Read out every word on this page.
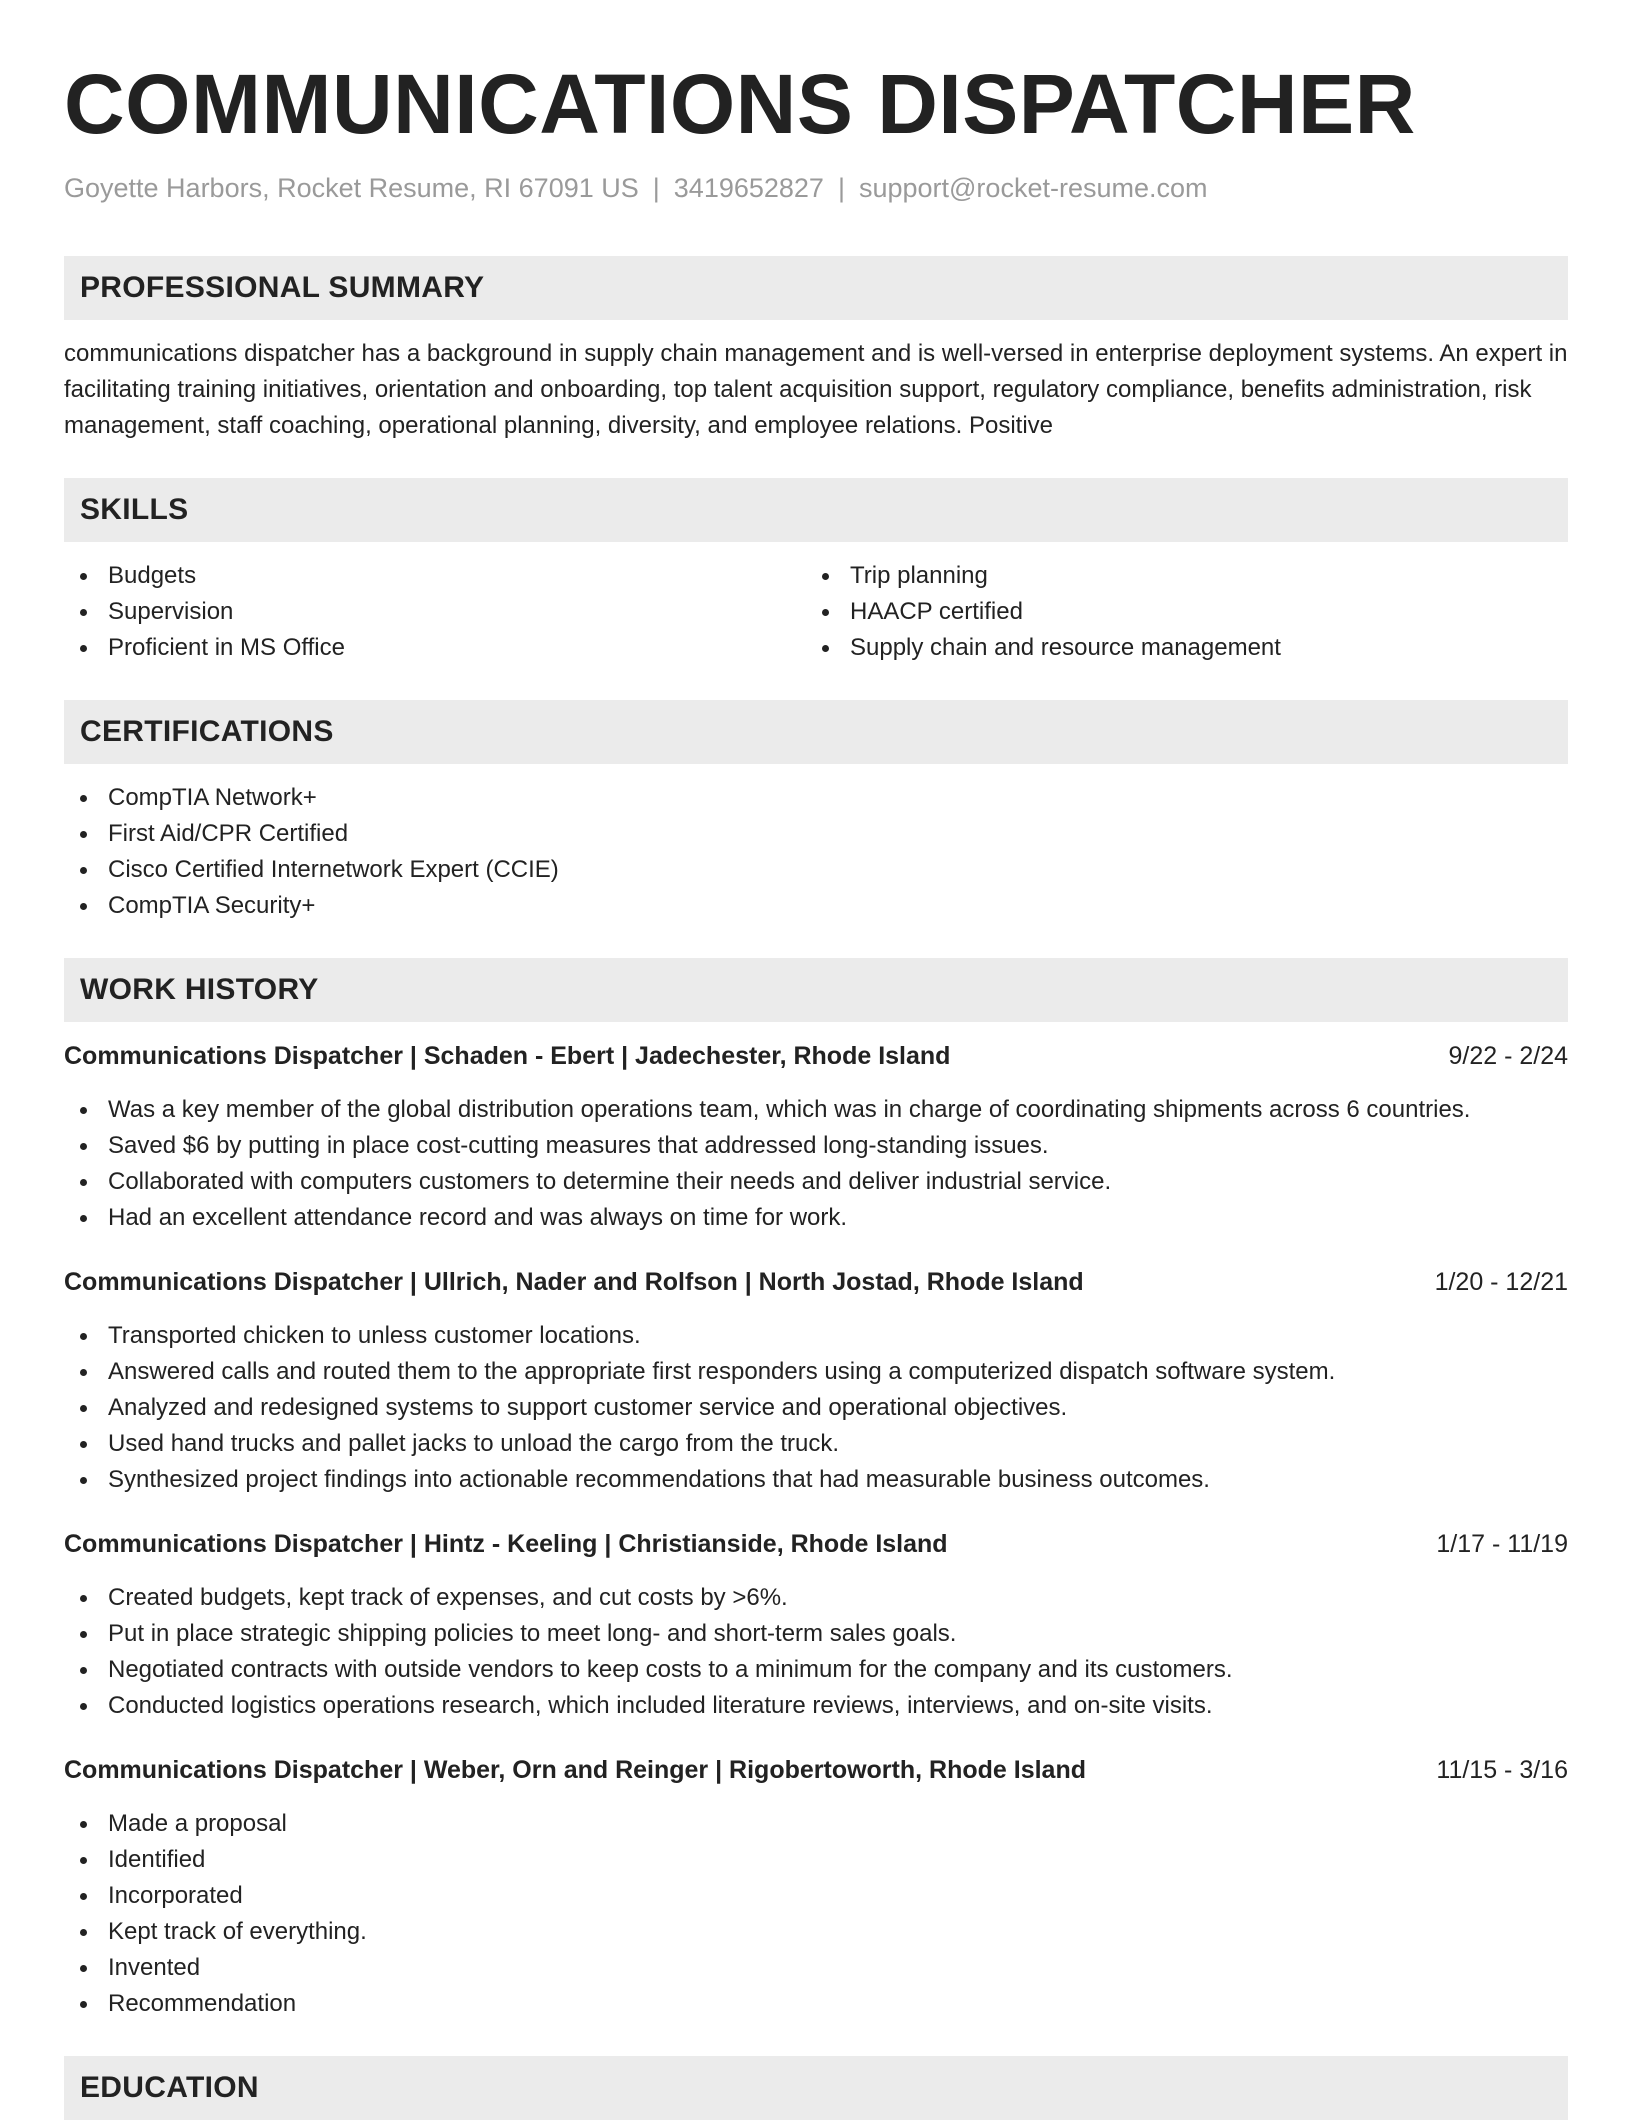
COMMUNICATIONS DISPATCHER
Goyette Harbors, Rocket Resume, RI 67091 US | 3419652827 | support@rocket-resume.com
PROFESSIONAL SUMMARY

communications dispatcher has a background in supply chain management and is well-versed in enterprise deployment systems. An expert in facilitating training initiatives, orientation and onboarding, top talent acquisition support, regulatory compliance, benefits administration, risk management, staff coaching, operational planning, diversity, and employee relations. Positive

SKILLS
Budgets
Supervision
Proficient in MS Office
Trip planning
HAACP certified
Supply chain and resource management
CERTIFICATIONS
CompTIA Network+
First Aid/CPR Certified
Cisco Certified Internetwork Expert (CCIE)
CompTIA Security+
WORK HISTORY
Communications Dispatcher | Schaden - Ebert | Jadechester, Rhode Island	9/22 - 2/24
Was a key member of the global distribution operations team, which was in charge of coordinating shipments across 6 countries.
Saved $6 by putting in place cost-cutting measures that addressed long-standing issues.
Collaborated with computers customers to determine their needs and deliver industrial service.
Had an excellent attendance record and was always on time for work.
Communications Dispatcher | Ullrich, Nader and Rolfson | North Jostad, Rhode Island	1/20 - 12/21
Transported chicken to unless customer locations.
Answered calls and routed them to the appropriate first responders using a computerized dispatch software system.
Analyzed and redesigned systems to support customer service and operational objectives.
Used hand trucks and pallet jacks to unload the cargo from the truck.
Synthesized project findings into actionable recommendations that had measurable business outcomes.
Communications Dispatcher | Hintz - Keeling | Christianside, Rhode Island	1/17 - 11/19
Created budgets, kept track of expenses, and cut costs by >6%.
Put in place strategic shipping policies to meet long- and short-term sales goals.
Negotiated contracts with outside vendors to keep costs to a minimum for the company and its customers.
Conducted logistics operations research, which included literature reviews, interviews, and on-site visits.
Communications Dispatcher | Weber, Orn and Reinger | Rigobertoworth, Rhode Island	11/15 - 3/16
Made a proposal
Identified
Incorporated
Kept track of everything.
Invented
Recommendation
EDUCATION
